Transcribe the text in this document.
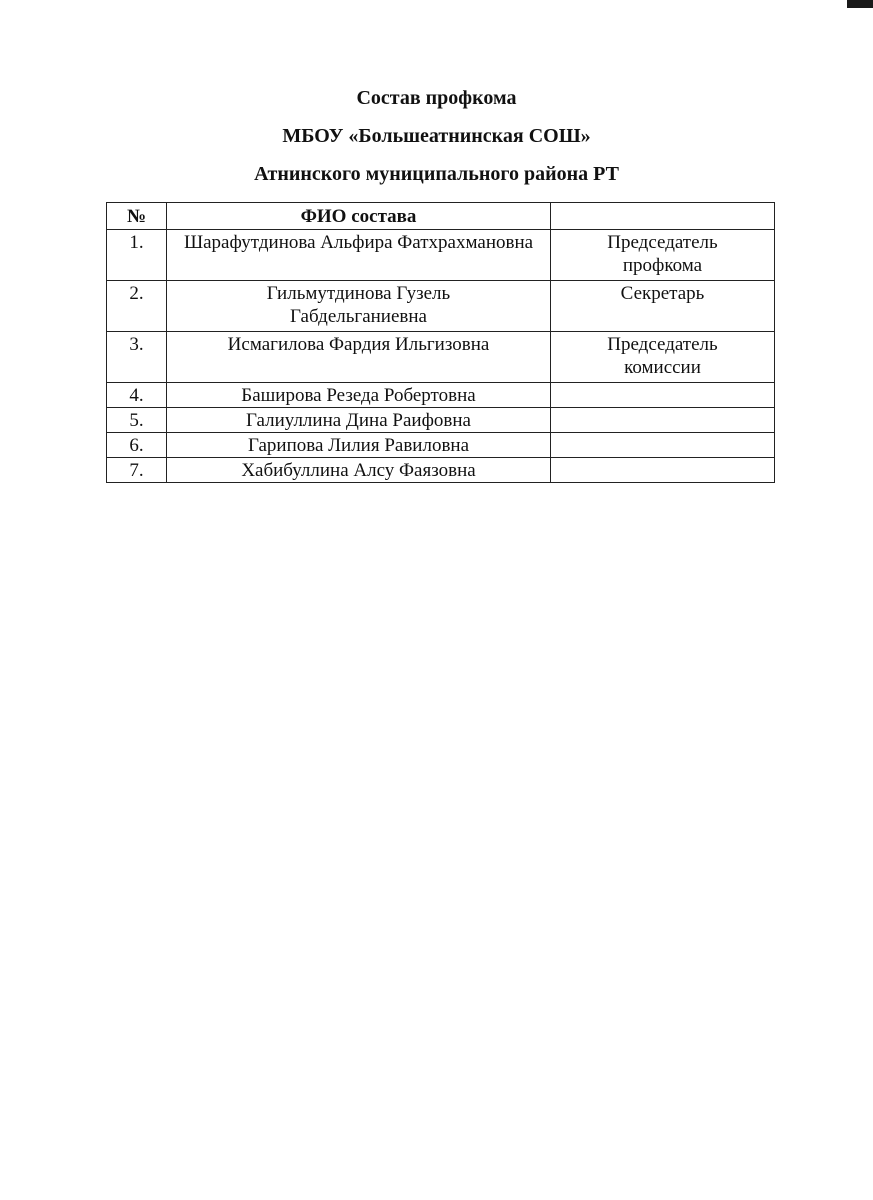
Состав профкома
МБОУ «Большеатнинская СОШ»
Атнинского муниципального района РТ
№	ФИО состава	
1.	Шарафутдинова Альфира Фатхрахмановна	Председатель профкома
2.	Гильмутдинова Гузель Габдельганиевна	Секретарь
3.	Исмагилова Фардия Ильгизовна	Председатель комиссии
4.	Баширова Резеда Робертовна	
5.	Галиуллина Дина Раифовна	
6.	Гарипова Лилия Равиловна	
7.	Хабибуллина Алсу Фаязовна	
